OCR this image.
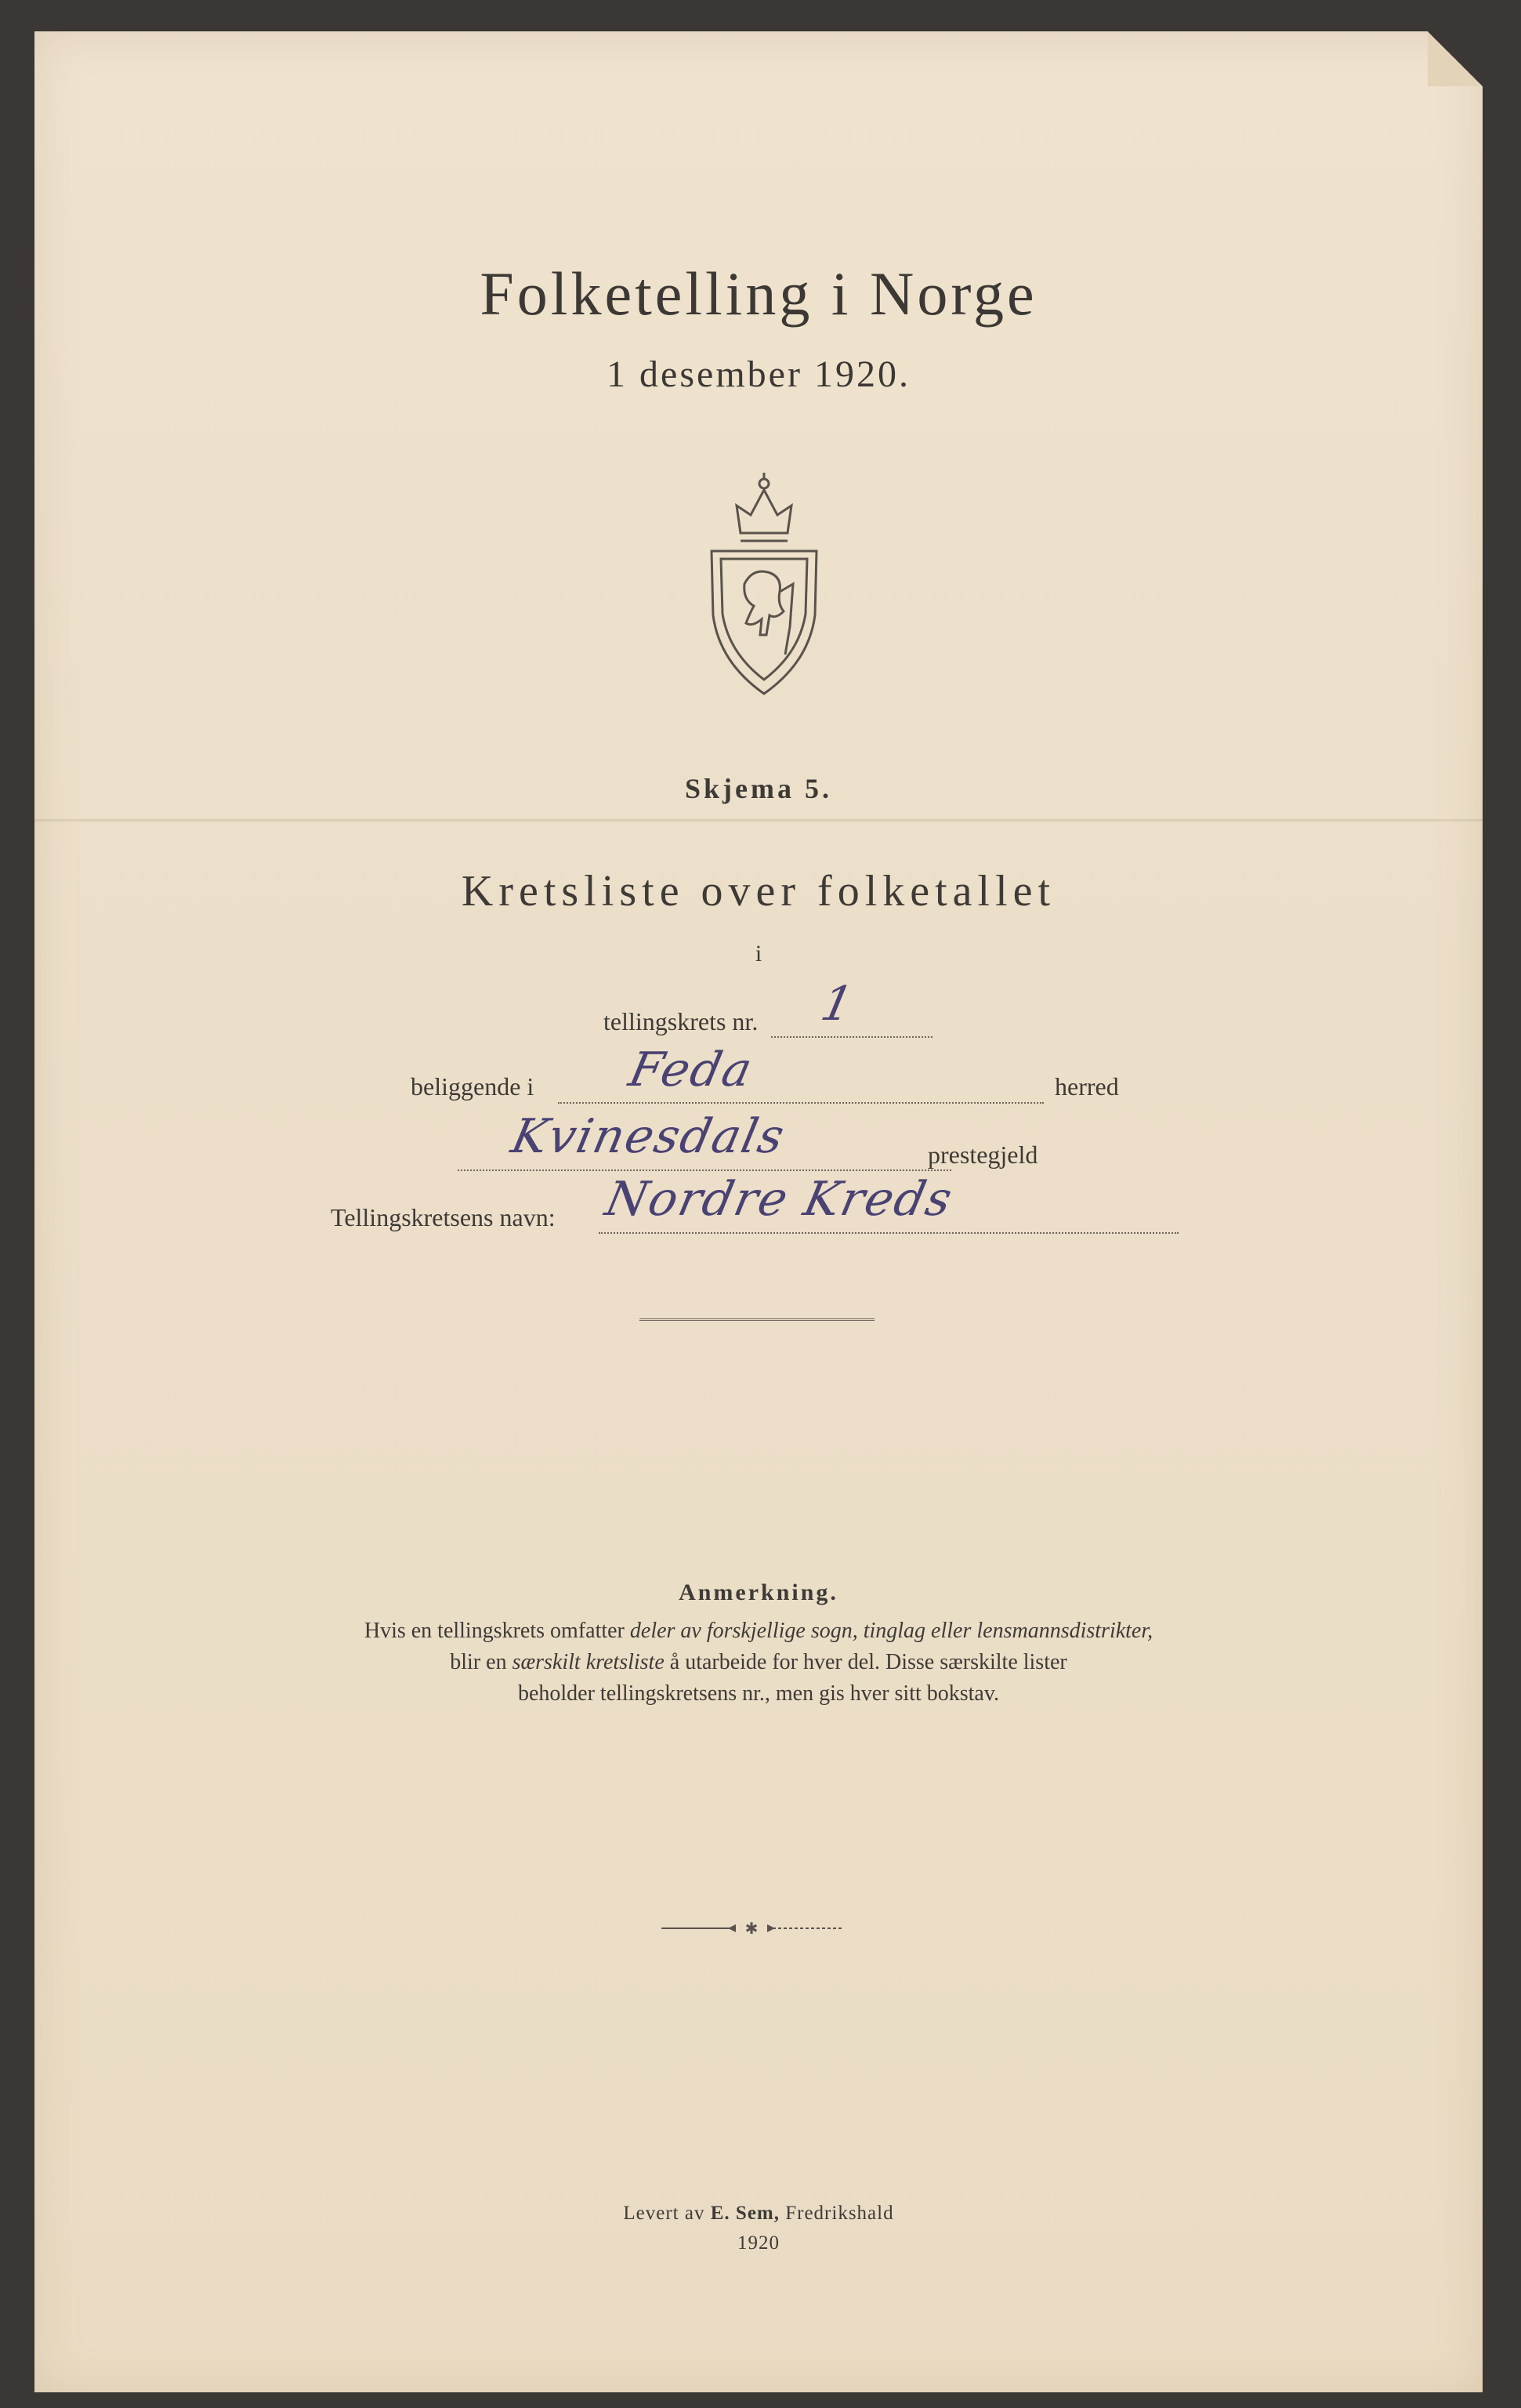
Folketelling i Norge
1 desember 1920.
Skjema 5.
Kretsliste over folketallet
i
tellingskrets nr. 1
beliggende i Feda	herred
Kvinesdals	prestegjeld
Tellingskretsens navn: Nordre Kreds
Anmerkning.
Hvis en tellingskrets omfatter deler av forskjellige sogn, tinglag eller lensmannsdistrikter,
blir en særskilt kretsliste å utarbeide for hver del. Disse særskilte lister
beholder tellingskretsens nr., men gis hver sitt bokstav.
✱
Levert av E. Sem, Fredrikshald
1920
